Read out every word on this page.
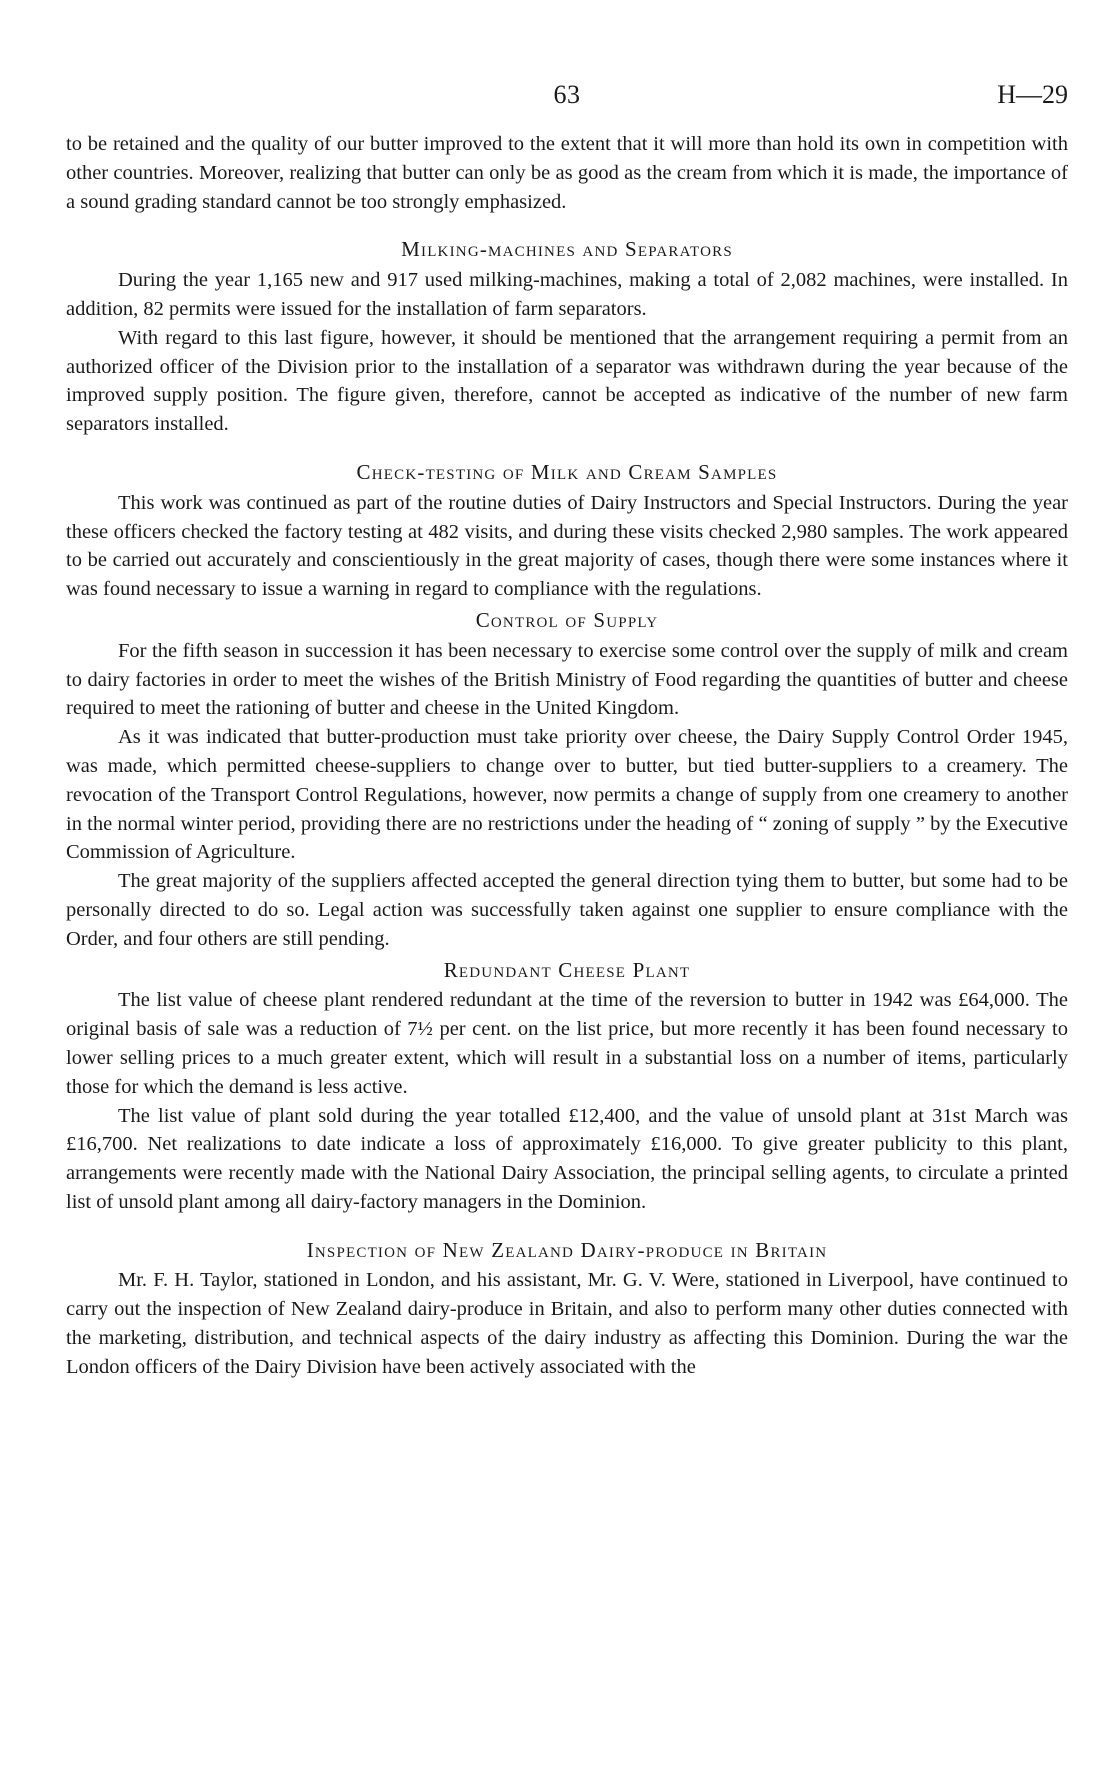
63	H—29

to be retained and the quality of our butter improved to the extent that it will more than hold its own in competition with other countries. Moreover, realizing that butter can only be as good as the cream from which it is made, the importance of a sound grading standard cannot be too strongly emphasized.

Milking-machines and Separators

During the year 1,165 new and 917 used milking-machines, making a total of 2,082 machines, were installed. In addition, 82 permits were issued for the installation of farm separators.

With regard to this last figure, however, it should be mentioned that the arrangement requiring a permit from an authorized officer of the Division prior to the installation of a separator was withdrawn during the year because of the improved supply position. The figure given, therefore, cannot be accepted as indicative of the number of new farm separators installed.

Check-testing of Milk and Cream Samples

This work was continued as part of the routine duties of Dairy Instructors and Special Instructors. During the year these officers checked the factory testing at 482 visits, and during these visits checked 2,980 samples. The work appeared to be carried out accurately and conscientiously in the great majority of cases, though there were some instances where it was found necessary to issue a warning in regard to compliance with the regulations.

Control of Supply

For the fifth season in succession it has been necessary to exercise some control over the supply of milk and cream to dairy factories in order to meet the wishes of the British Ministry of Food regarding the quantities of butter and cheese required to meet the rationing of butter and cheese in the United Kingdom.

As it was indicated that butter-production must take priority over cheese, the Dairy Supply Control Order 1945, was made, which permitted cheese-suppliers to change over to butter, but tied butter-suppliers to a creamery. The revocation of the Transport Control Regulations, however, now permits a change of supply from one creamery to another in the normal winter period, providing there are no restrictions under the heading of “ zoning of supply ” by the Executive Commission of Agriculture.

The great majority of the suppliers affected accepted the general direction tying them to butter, but some had to be personally directed to do so. Legal action was successfully taken against one supplier to ensure compliance with the Order, and four others are still pending.

Redundant Cheese Plant

The list value of cheese plant rendered redundant at the time of the reversion to butter in 1942 was £64,000. The original basis of sale was a reduction of 7½ per cent. on the list price, but more recently it has been found necessary to lower selling prices to a much greater extent, which will result in a substantial loss on a number of items, particularly those for which the demand is less active.

The list value of plant sold during the year totalled £12,400, and the value of unsold plant at 31st March was £16,700. Net realizations to date indicate a loss of approximately £16,000. To give greater publicity to this plant, arrangements were recently made with the National Dairy Association, the principal selling agents, to circulate a printed list of unsold plant among all dairy-factory managers in the Dominion.

Inspection of New Zealand Dairy-produce in Britain

Mr. F. H. Taylor, stationed in London, and his assistant, Mr. G. V. Were, stationed in Liverpool, have continued to carry out the inspection of New Zealand dairy-produce in Britain, and also to perform many other duties connected with the marketing, distribution, and technical aspects of the dairy industry as affecting this Dominion. During the war the London officers of the Dairy Division have been actively associated with the
